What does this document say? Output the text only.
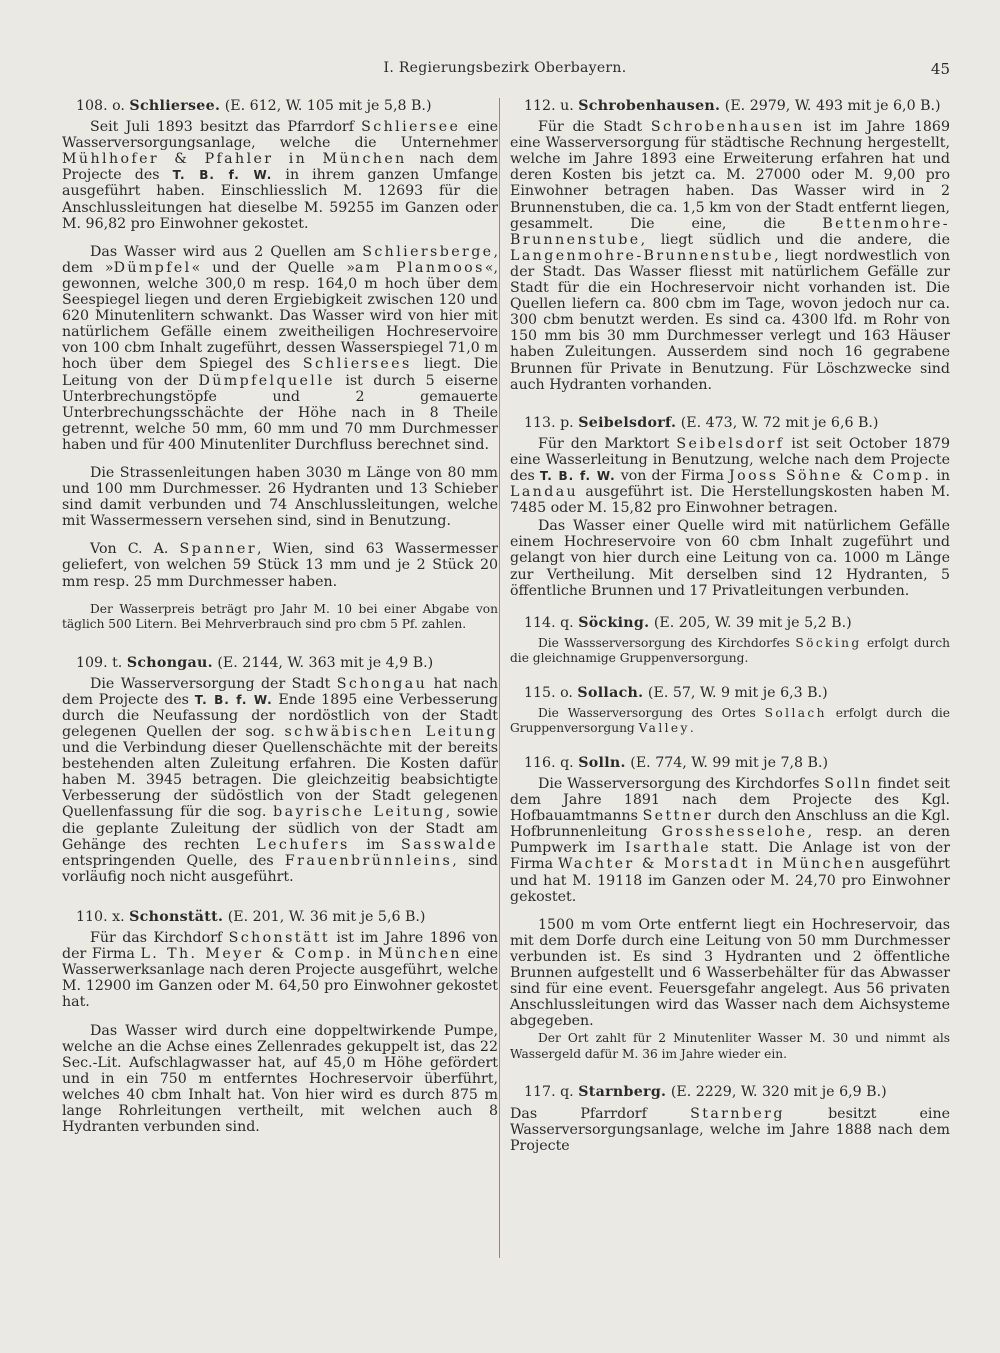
I. Regierungsbezirk Oberbayern.	45

108. o. Schliersee. (E. 612, W. 105 mit je 5,8 B.)

Seit Juli 1893 besitzt das Pfarrdorf Schliersee eine Wasserversorgungsanlage, welche die Unternehmer Mühlhofer & Pfahler in München nach dem Projecte des T. B. f. W. in ihrem ganzen Umfange ausgeführt haben. Einschliesslich M. 12693 für die Anschlussleitungen hat dieselbe M. 59255 im Ganzen oder M. 96,82 pro Einwohner gekostet.

Das Wasser wird aus 2 Quellen am Schliersberge, dem »Dümpfel« und der Quelle »am Planmoos«, gewonnen, welche 300,0 m resp. 164,0 m hoch über dem Seespiegel liegen und deren Ergiebigkeit zwischen 120 und 620 Minutenlitern schwankt. Das Wasser wird von hier mit natürlichem Gefälle einem zweitheiligen Hochreservoire von 100 cbm Inhalt zugeführt, dessen Wasserspiegel 71,0 m hoch über dem Spiegel des Schliersees liegt. Die Leitung von der Dümpfelquelle ist durch 5 eiserne Unterbrechungstöpfe und 2 gemauerte Unterbrechungsschächte der Höhe nach in 8 Theile getrennt, welche 50 mm, 60 mm und 70 mm Durchmesser haben und für 400 Minutenliter Durchfluss berechnet sind.

Die Strassenleitungen haben 3030 m Länge von 80 mm und 100 mm Durchmesser. 26 Hydranten und 13 Schieber sind damit verbunden und 74 Anschlussleitungen, welche mit Wassermessern versehen sind, sind in Benutzung.

Von C. A. Spanner, Wien, sind 63 Wassermesser geliefert, von welchen 59 Stück 13 mm und je 2 Stück 20 mm resp. 25 mm Durchmesser haben.

Der Wasserpreis beträgt pro Jahr M. 10 bei einer Abgabe von täglich 500 Litern. Bei Mehrverbrauch sind pro cbm 5 Pf. zahlen.

109. t. Schongau. (E. 2144, W. 363 mit je 4,9 B.)

Die Wasserversorgung der Stadt Schongau hat nach dem Projecte des T. B. f. W. Ende 1895 eine Verbesserung durch die Neufassung der nordöstlich von der Stadt gelegenen Quellen der sog. schwäbischen Leitung und die Verbindung dieser Quellenschächte mit der bereits bestehenden alten Zuleitung erfahren. Die Kosten dafür haben M. 3945 betragen. Die gleichzeitig beabsichtigte Verbesserung der südöstlich von der Stadt gelegenen Quellenfassung für die sog. bayrische Leitung, sowie die geplante Zuleitung der südlich von der Stadt am Gehänge des rechten Lechufers im Sasswalde entspringenden Quelle, des Frauenbrünnleins, sind vorläufig noch nicht ausgeführt.

110. x. Schonstätt. (E. 201, W. 36 mit je 5,6 B.)

Für das Kirchdorf Schonstätt ist im Jahre 1896 von der Firma L. Th. Meyer & Comp. in München eine Wasserwerksanlage nach deren Projecte ausgeführt, welche M. 12900 im Ganzen oder M. 64,50 pro Einwohner gekostet hat.

Das Wasser wird durch eine doppeltwirkende Pumpe, welche an die Achse eines Zellenrades gekuppelt ist, das 22 Sec.-Lit. Aufschlagwasser hat, auf 45,0 m Höhe gefördert und in ein 750 m entferntes Hochreservoir überführt, welches 40 cbm Inhalt hat. Von hier wird es durch 875 m lange Rohrleitungen vertheilt, mit welchen auch 8 Hydranten verbunden sind.

112. u. Schrobenhausen. (E. 2979, W. 493 mit je 6,0 B.)

Für die Stadt Schrobenhausen ist im Jahre 1869 eine Wasserversorgung für städtische Rechnung hergestellt, welche im Jahre 1893 eine Erweiterung erfahren hat und deren Kosten bis jetzt ca. M. 27000 oder M. 9,00 pro Einwohner betragen haben. Das Wasser wird in 2 Brunnenstuben, die ca. 1,5 km von der Stadt entfernt liegen, gesammelt. Die eine, die Bettenmohre-Brunnenstube, liegt südlich und die andere, die Langenmohre-Brunnenstube, liegt nordwestlich von der Stadt. Das Wasser fliesst mit natürlichem Gefälle zur Stadt für die ein Hochreservoir nicht vorhanden ist. Die Quellen liefern ca. 800 cbm im Tage, wovon jedoch nur ca. 300 cbm benutzt werden. Es sind ca. 4300 lfd. m Rohr von 150 mm bis 30 mm Durchmesser verlegt und 163 Häuser haben Zuleitungen. Ausserdem sind noch 16 gegrabene Brunnen für Private in Benutzung. Für Löschzwecke sind auch Hydranten vorhanden.

113. p. Seibelsdorf. (E. 473, W. 72 mit je 6,6 B.)

Für den Marktort Seibelsdorf ist seit October 1879 eine Wasserleitung in Benutzung, welche nach dem Projecte des T. B. f. W. von der Firma Jooss Söhne & Comp. in Landau ausgeführt ist. Die Herstellungskosten haben M. 7485 oder M. 15,82 pro Einwohner betragen.

Das Wasser einer Quelle wird mit natürlichem Gefälle einem Hochreservoire von 60 cbm Inhalt zugeführt und gelangt von hier durch eine Leitung von ca. 1000 m Länge zur Vertheilung. Mit derselben sind 12 Hydranten, 5 öffentliche Brunnen und 17 Privatleitungen verbunden.

114. q. Söcking. (E. 205, W. 39 mit je 5,2 B.)

Die Wassserversorgung des Kirchdorfes Söcking erfolgt durch die gleichnamige Gruppenversorgung.

115. o. Sollach. (E. 57, W. 9 mit je 6,3 B.)

Die Wasserversorgung des Ortes Sollach erfolgt durch die Gruppenversorgung Valley.

116. q. Solln. (E. 774, W. 99 mit je 7,8 B.)

Die Wasserversorgung des Kirchdorfes Solln findet seit dem Jahre 1891 nach dem Projecte des Kgl. Hofbauamtmanns Settner durch den Anschluss an die Kgl. Hofbrunnenleitung Grosshesselohe, resp. an deren Pumpwerk im Isarthale statt. Die Anlage ist von der Firma Wachter & Morstadt in München ausgeführt und hat M. 19118 im Ganzen oder M. 24,70 pro Einwohner gekostet.

1500 m vom Orte entfernt liegt ein Hochreservoir, das mit dem Dorfe durch eine Leitung von 50 mm Durchmesser verbunden ist. Es sind 3 Hydranten und 2 öffentliche Brunnen aufgestellt und 6 Wasserbehälter für das Abwasser sind für eine event. Feuersgefahr angelegt. Aus 56 privaten Anschlussleitungen wird das Wasser nach dem Aichsysteme abgegeben.

Der Ort zahlt für 2 Minutenliter Wasser M. 30 und nimmt als Wassergeld dafür M. 36 im Jahre wieder ein.

117. q. Starnberg. (E. 2229, W. 320 mit je 6,9 B.)

Das Pfarrdorf Starnberg besitzt eine Wasserversorgungsanlage, welche im Jahre 1888 nach dem Projecte
